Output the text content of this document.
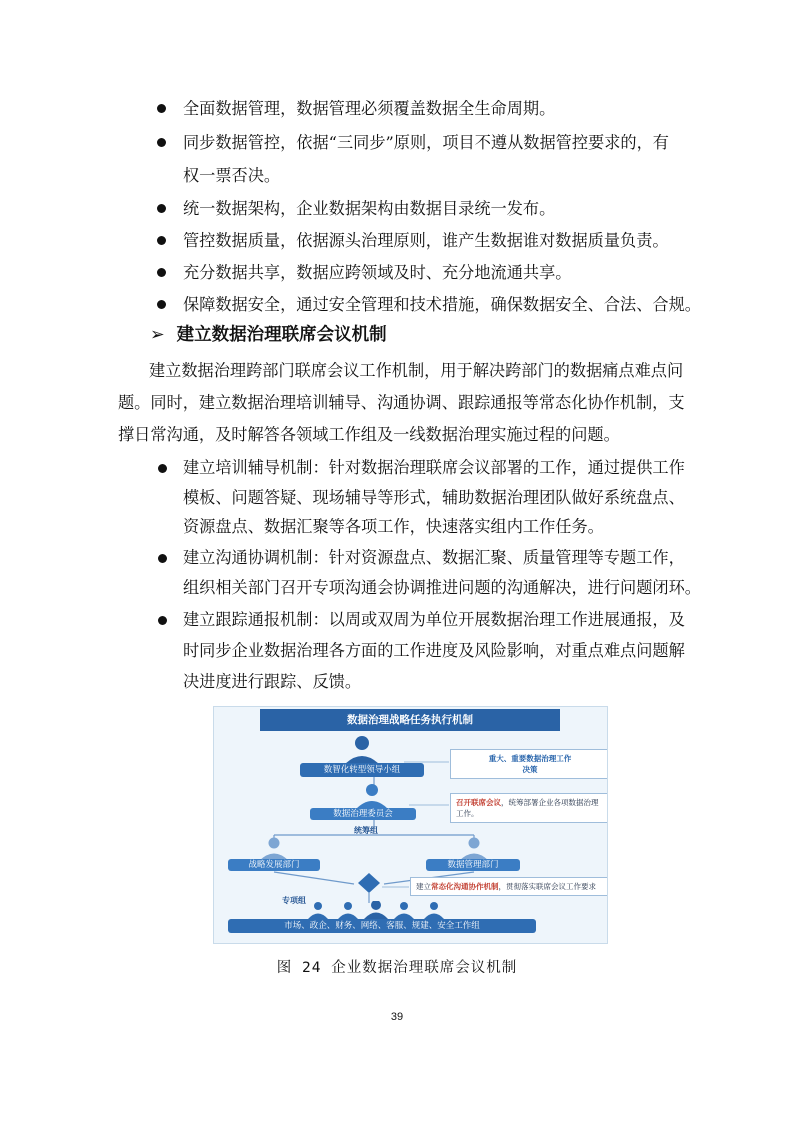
全面数据管理，数据管理必须覆盖数据全生命周期。
同步数据管控，依据“三同步”原则，项目不遵从数据管控要求的，有
权一票否决。
统一数据架构，企业数据架构由数据目录统一发布。
管控数据质量，依据源头治理原则，谁产生数据谁对数据质量负责。
充分数据共享，数据应跨领域及时、充分地流通共享。
保障数据安全，通过安全管理和技术措施，确保数据安全、合法、合规。
➢ 建立数据治理联席会议机制
建立数据治理跨部门联席会议工作机制，用于解决跨部门的数据痛点难点问
题。同时，建立数据治理培训辅导、沟通协调、跟踪通报等常态化协作机制，支
撑日常沟通，及时解答各领域工作组及一线数据治理实施过程的问题。
建立培训辅导机制：针对数据治理联席会议部署的工作，通过提供工作
模板、问题答疑、现场辅导等形式，辅助数据治理团队做好系统盘点、
资源盘点、数据汇聚等各项工作，快速落实组内工作任务。
建立沟通协调机制：针对资源盘点、数据汇聚、质量管理等专题工作，
组织相关部门召开专项沟通会协调推进问题的沟通解决，进行问题闭环。
建立跟踪通报机制：以周或双周为单位开展数据治理工作进展通报，及
时同步企业数据治理各方面的工作进度及风险影响，对重点难点问题解
决进度进行跟踪、反馈。
数据治理战略任务执行机制
数智化转型领导小组
数据治理委员会
统筹组
战略发展部门	数据管理部门
专项组
市场、政企、财务、网络、客服、规建、安全工作组
重大、重要数据治理工作
决策
召开联席会议，统筹部署企业各项数据治理工作。
建立常态化沟通协作机制，贯彻落实联席会议工作要求
图 24 企业数据治理联席会议机制
39
